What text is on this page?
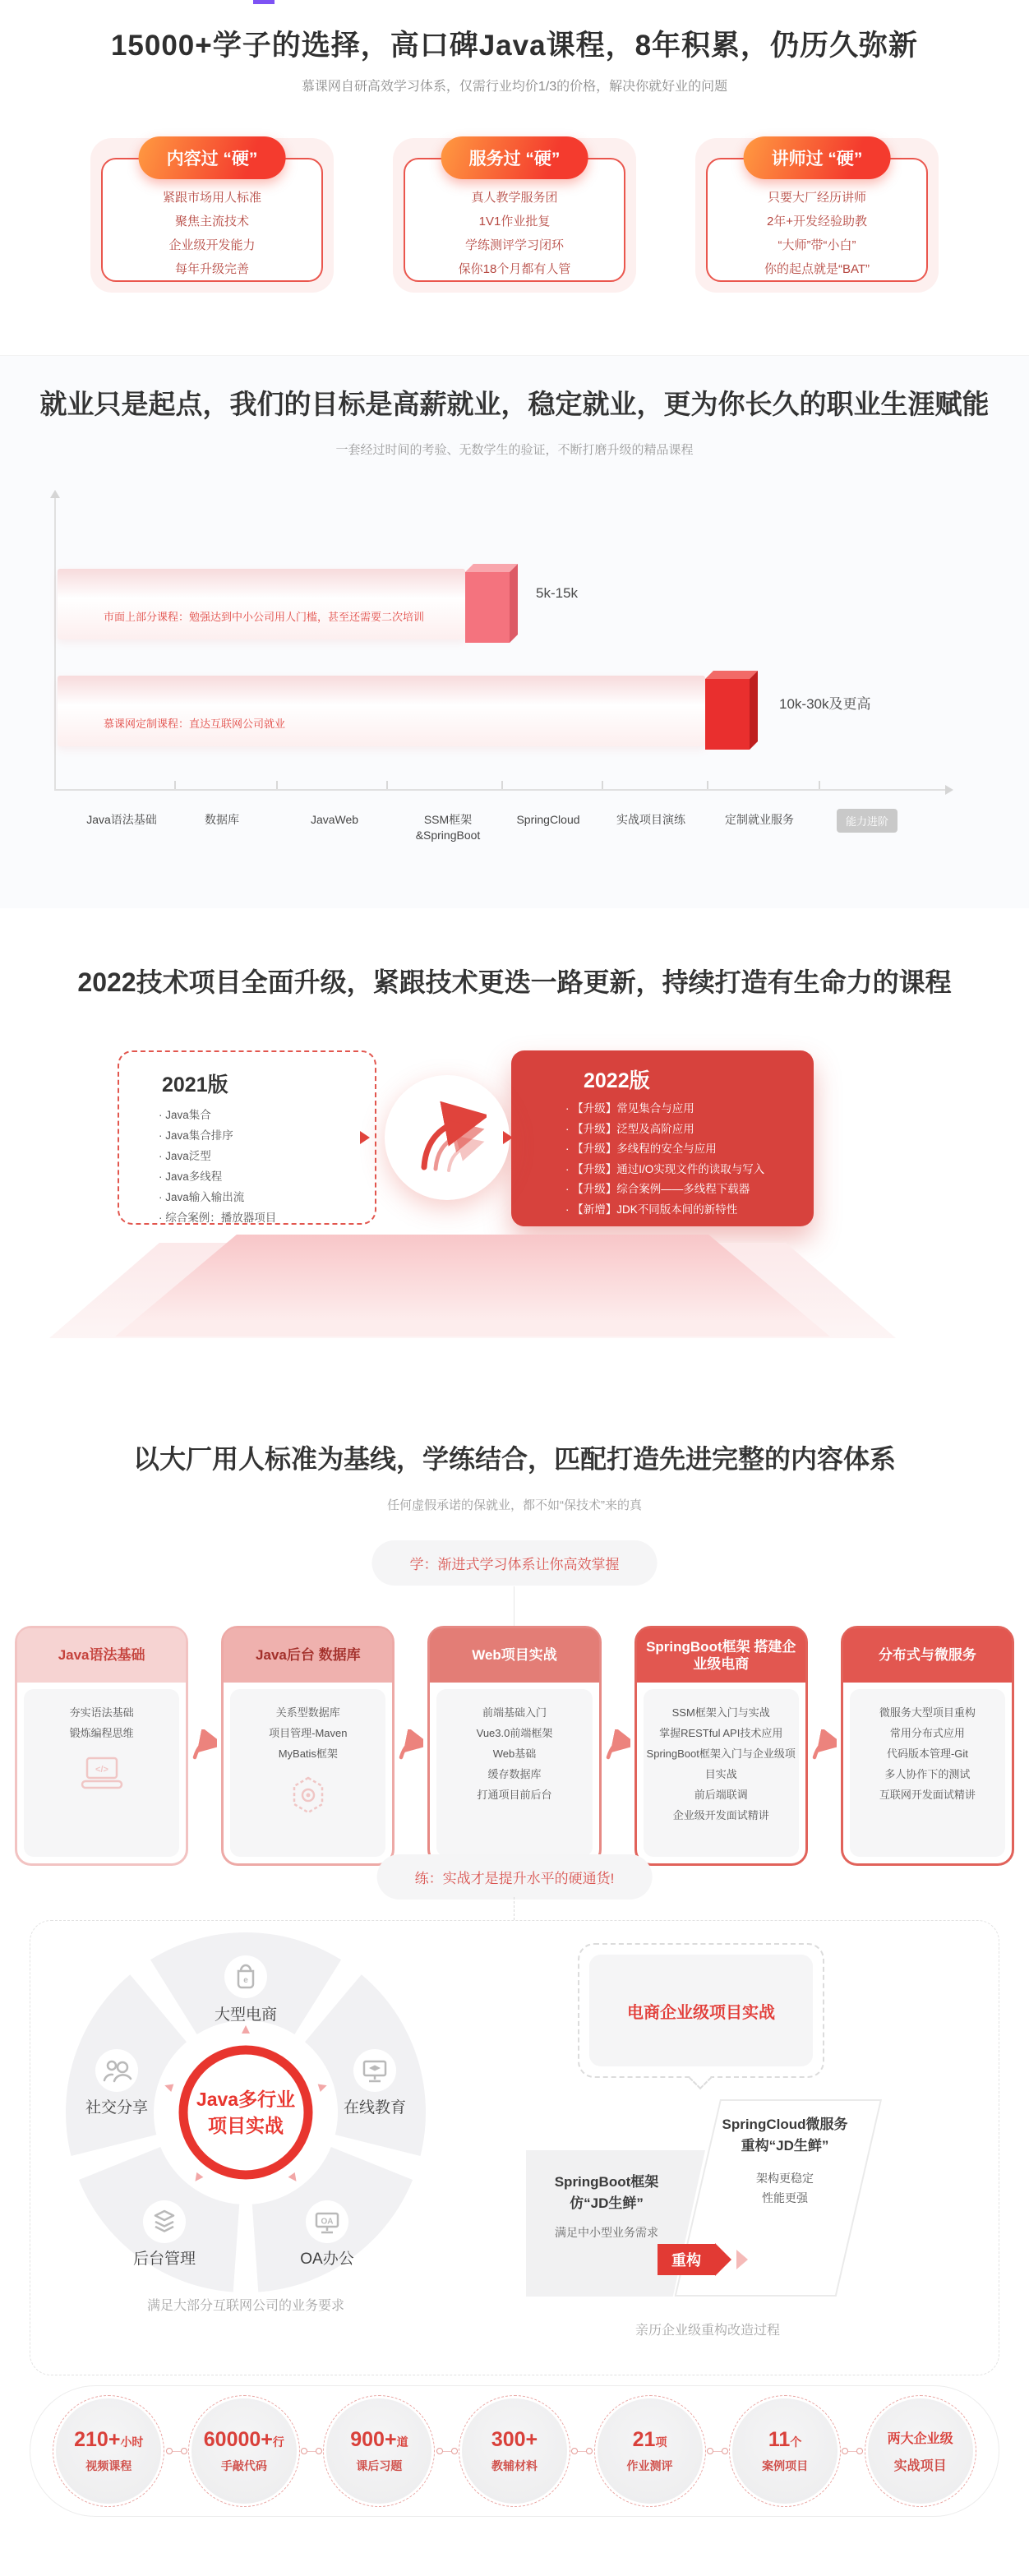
15000+学子的选择，高口碑Java课程，8年积累，仍历久弥新
慕课网自研高效学习体系，仅需行业均价1/3的价格，解决你就好业的问题
内容过 “硬”

紧跟市场用人标准

聚焦主流技术

企业级开发能力

每年升级完善

服务过 “硬”

真人教学服务团

1V1作业批复

学练测评学习闭环

保你18个月都有人管

讲师过 “硬”

只要大厂经历讲师

2年+开发经验助教

“大师”带“小白”

你的起点就是“BAT”

就业只是起点，我们的目标是高薪就业，稳定就业，更为你长久的职业生涯赋能
一套经过时间的考验、无数学生的验证，不断打磨升级的精品课程
市面上部分课程：勉强达到中小公司用人门槛，甚至还需要二次培训
5k-15k
慕课网定制课程：直达互联网公司就业
10k-30k及更高
Java语法基础	数据库	JavaWeb	SSM框架&SpringBoot
SpringCloud	实战项目演练	定制就业服务	能力进阶
2022技术项目全面升级，紧跟技术更迭一路更新，持续打造有生命力的课程
2021版
· Java集合
· Java集合排序
· Java泛型
· Java多线程
· Java输入输出流
· 综合案例：播放器项目
2022版
· 【升级】常见集合与应用
· 【升级】泛型及高阶应用
· 【升级】多线程的安全与应用
· 【升级】通过I/O实现文件的读取与写入
· 【升级】综合案例——多线程下载器
· 【新增】JDK不同版本间的新特性
以大厂用人标准为基线，学练结合，匹配打造先进完整的内容体系
任何虚假承诺的保就业，都不如“保技术”来的真
学：渐进式学习体系让你高效掌握
Java语法基础

夯实语法基础

锻炼编程思维

</>
Java后台 数据库

关系型数据库

项目管理-Maven

MyBatis框架

Web项目实战

前端基础入门

Vue3.0前端框架

Web基础

缓存数据库

打通项目前后台

SpringBoot框架 搭建企业级电商

SSM框架入门与实战

掌握RESTful API技术应用

SpringBoot框架入门与企业级项目实战

前后端联调

企业级开发面试精讲

分布式与微服务

微服务大型项目重构

常用分布式应用

代码版本管理-Git

多人协作下的测试

互联网开发面试精讲

练：实战才是提升水平的硬通货!
e
OA
大型电商
社交分享	在线教育
后台管理	OA办公
Java多行业
项目实战
满足大部分互联网公司的业务要求
电商企业级项目实战

SpringBoot框架

仿“JD生鲜”

满足中小型业务需求

SpringCloud微服务

重构“JD生鲜”

架构更稳定
性能更强
重构
亲历企业级重构改造过程
210+小时
视频课程
60000+行
手敲代码
900+道
课后习题
300+
教辅材料
21项
作业测评
11个
案例项目
两大企业级
实战项目
